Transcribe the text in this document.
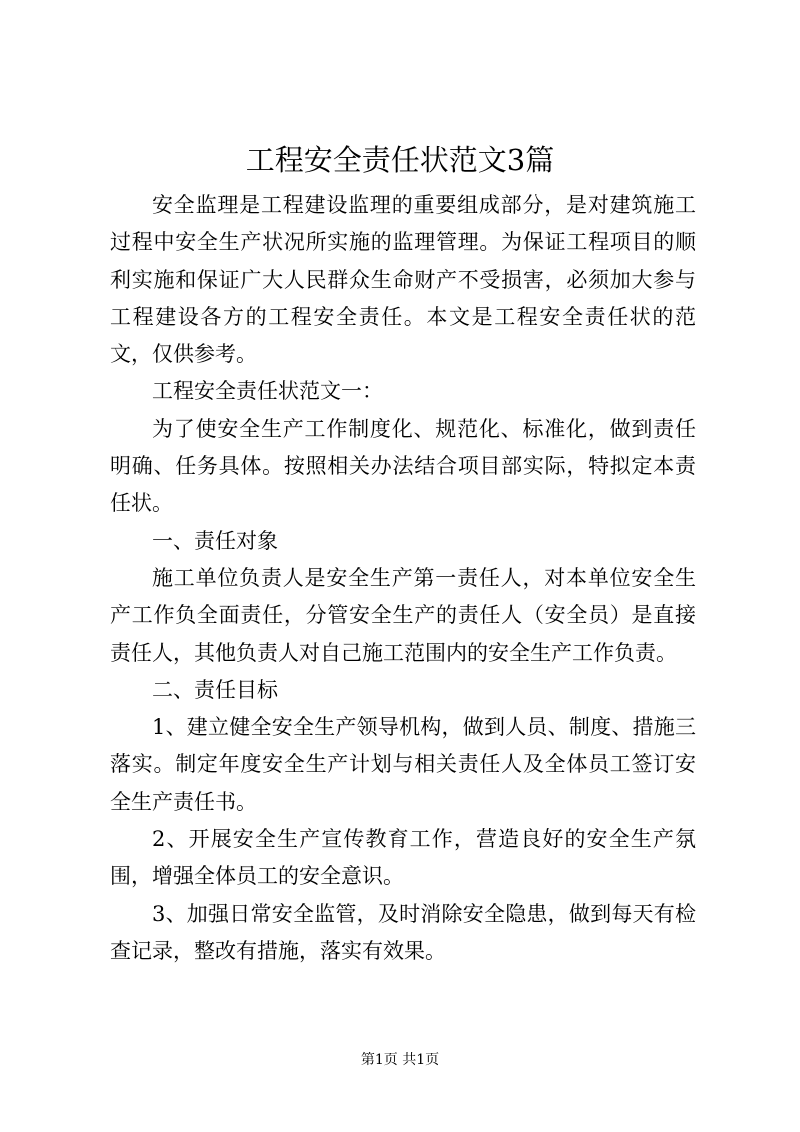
工程安全责任状范文3篇

安全监理是工程建设监理的重要组成部分，是对建筑施工过程中安全生产状况所实施的监理管理。为保证工程项目的顺利实施和保证广大人民群众生命财产不受损害，必须加大参与工程建设各方的工程安全责任。本文是工程安全责任状的范文，仅供参考。

工程安全责任状范文一：

为了使安全生产工作制度化、规范化、标准化，做到责任明确、任务具体。按照相关办法结合项目部实际，特拟定本责任状。

一、责任对象

施工单位负责人是安全生产第一责任人，对本单位安全生产工作负全面责任，分管安全生产的责任人（安全员）是直接责任人，其他负责人对自己施工范围内的安全生产工作负责。

二、责任目标

1、建立健全安全生产领导机构，做到人员、制度、措施三落实。制定年度安全生产计划与相关责任人及全体员工签订安全生产责任书。

2、开展安全生产宣传教育工作，营造良好的安全生产氛围，增强全体员工的安全意识。

3、加强日常安全监管，及时消除安全隐患，做到每天有检查记录，整改有措施，落实有效果。

第1页 共1页
